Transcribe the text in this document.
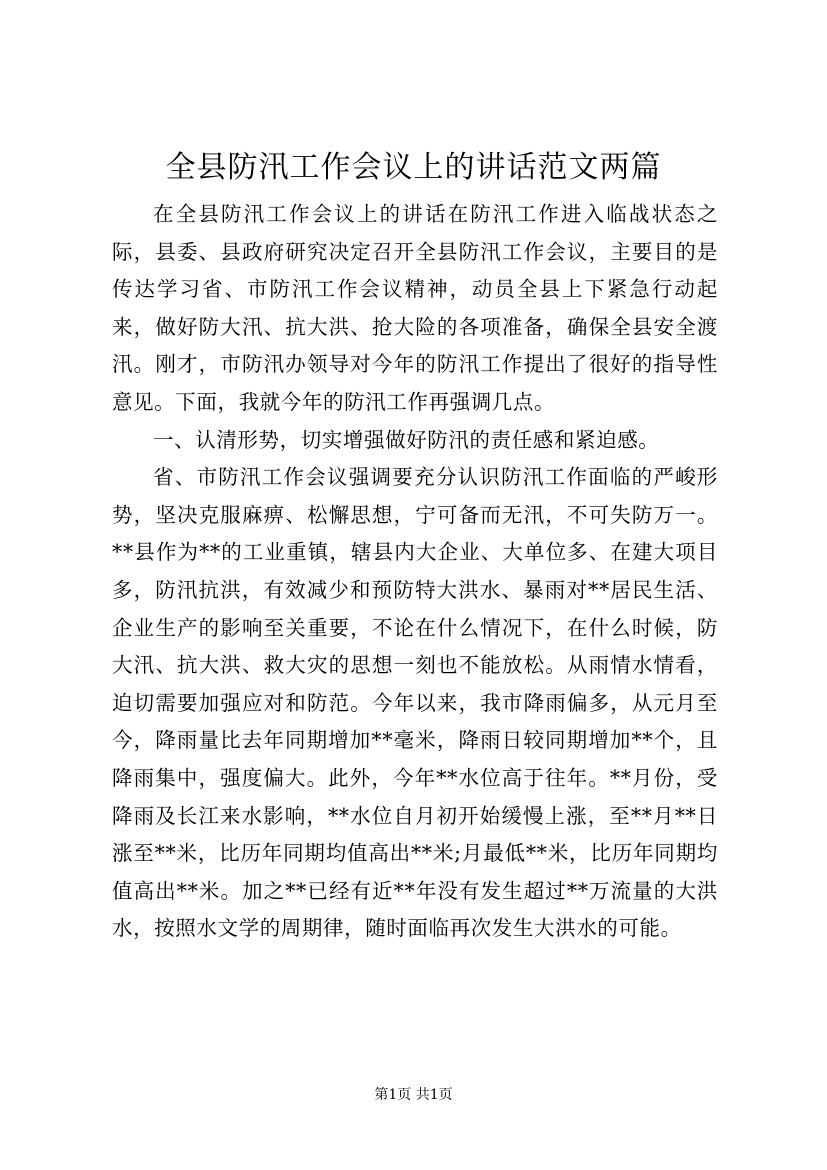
全县防汛工作会议上的讲话范文两篇

在全县防汛工作会议上的讲话在防汛工作进入临战状态之际，县委、县政府研究决定召开全县防汛工作会议，主要目的是传达学习省、市防汛工作会议精神，动员全县上下紧急行动起来，做好防大汛、抗大洪、抢大险的各项准备，确保全县安全渡汛。刚才，市防汛办领导对今年的防汛工作提出了很好的指导性意见。下面，我就今年的防汛工作再强调几点。

一、认清形势，切实增强做好防汛的责任感和紧迫感。

省、市防汛工作会议强调要充分认识防汛工作面临的严峻形势，坚决克服麻痹、松懈思想，宁可备而无汛，不可失防万一。**县作为**的工业重镇，辖县内大企业、大单位多、在建大项目多，防汛抗洪，有效减少和预防特大洪水、暴雨对**居民生活、企业生产的影响至关重要，不论在什么情况下，在什么时候，防大汛、抗大洪、救大灾的思想一刻也不能放松。从雨情水情看，迫切需要加强应对和防范。今年以来，我市降雨偏多，从元月至今，降雨量比去年同期增加**毫米，降雨日较同期增加**个，且降雨集中，强度偏大。此外，今年**水位高于往年。**月份，受降雨及长江来水影响，**水位自月初开始缓慢上涨，至**月**日涨至**米，比历年同期均值高出**米;月最低**米，比历年同期均值高出**米。加之**已经有近**年没有发生超过**万流量的大洪水，按照水文学的周期律，随时面临再次发生大洪水的可能。

第1页 共1页
